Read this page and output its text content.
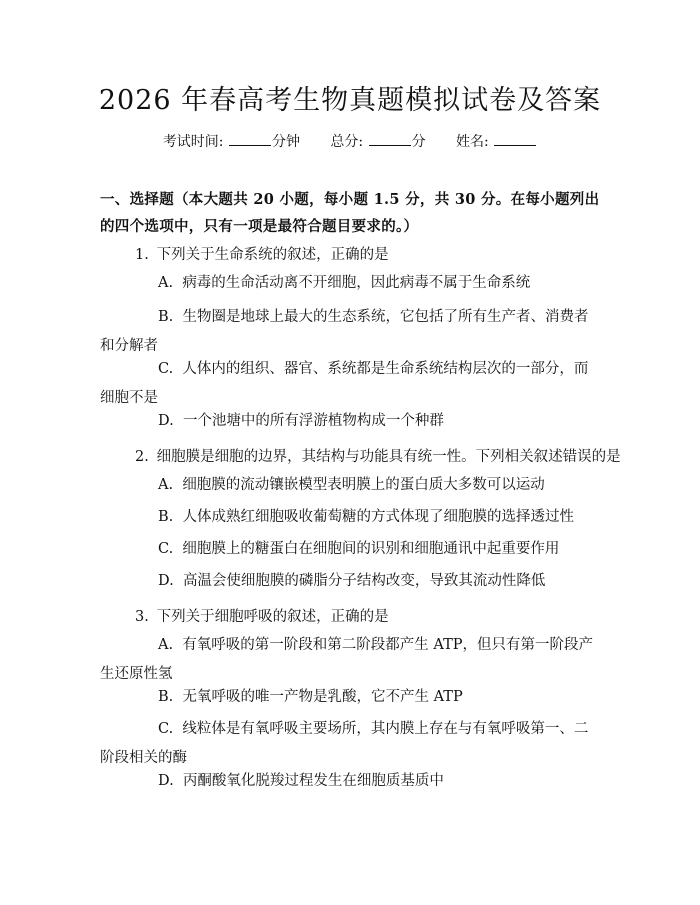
2026 年春高考生物真题模拟试卷及答案
考试时间:	分钟 总分:	分 姓名:
一、选择题（本大题共 20 小题，每小题 1.5 分，共 30 分。在每小题列出的四个选项中，只有一项是最符合题目要求的。）
1. 下列关于生命系统的叙述，正确的是
A. 病毒的生命活动离不开细胞，因此病毒不属于生命系统
B. 生物圈是地球上最大的生态系统，它包括了所有生产者、消费者和分解者
C. 人体内的组织、器官、系统都是生命系统结构层次的一部分，而细胞不是
D. 一个池塘中的所有浮游植物构成一个种群
2. 细胞膜是细胞的边界，其结构与功能具有统一性。下列相关叙述错误的是
A. 细胞膜的流动镶嵌模型表明膜上的蛋白质大多数可以运动
B. 人体成熟红细胞吸收葡萄糖的方式体现了细胞膜的选择透过性
C. 细胞膜上的糖蛋白在细胞间的识别和细胞通讯中起重要作用
D. 高温会使细胞膜的磷脂分子结构改变，导致其流动性降低
3. 下列关于细胞呼吸的叙述，正确的是
A. 有氧呼吸的第一阶段和第二阶段都产生 ATP，但只有第一阶段产生还原性氢
B. 无氧呼吸的唯一产物是乳酸，它不产生 ATP
C. 线粒体是有氧呼吸主要场所，其内膜上存在与有氧呼吸第一、二阶段相关的酶
D. 丙酮酸氧化脱羧过程发生在细胞质基质中
